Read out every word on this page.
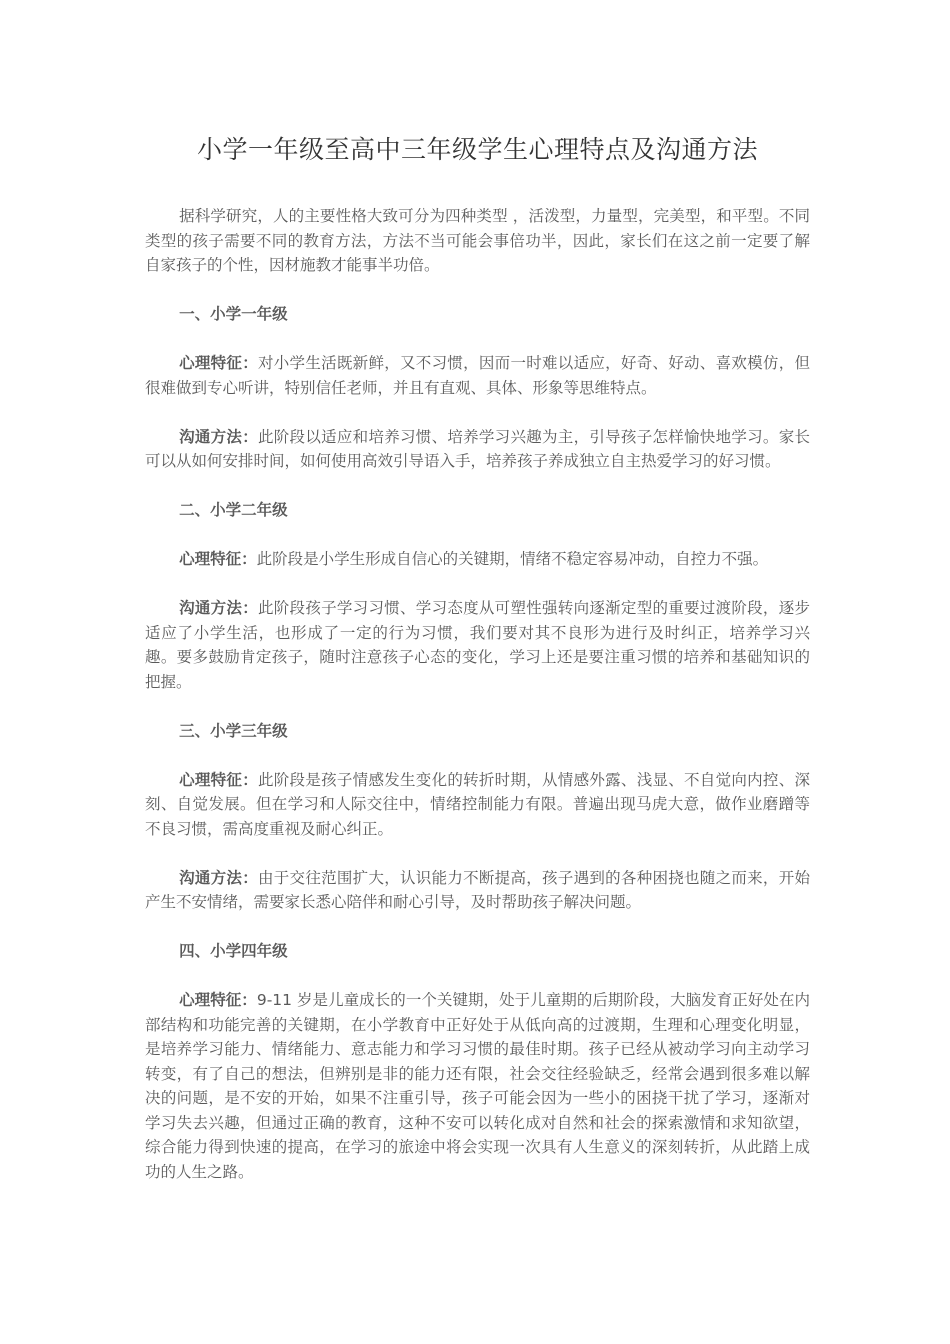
小学一年级至高中三年级学生心理特点及沟通方法

据科学研究，人的主要性格大致可分为四种类型 ，活泼型，力量型，完美型，和平型。不同类型的孩子需要不同的教育方法，方法不当可能会事倍功半，因此，家长们在这之前一定要了解自家孩子的个性，因材施教才能事半功倍。

一、小学一年级

心理特征：对小学生活既新鲜，又不习惯，因而一时难以适应，好奇、好动、喜欢模仿，但很难做到专心听讲，特别信任老师，并且有直观、具体、形象等思维特点。

沟通方法：此阶段以适应和培养习惯、培养学习兴趣为主，引导孩子怎样愉快地学习。家长可以从如何安排时间，如何使用高效引导语入手，培养孩子养成独立自主热爱学习的好习惯。

二、小学二年级

心理特征：此阶段是小学生形成自信心的关键期，情绪不稳定容易冲动，自控力不强。

沟通方法：此阶段孩子学习习惯、学习态度从可塑性强转向逐渐定型的重要过渡阶段，逐步适应了小学生活，也形成了一定的行为习惯，我们要对其不良形为进行及时纠正，培养学习兴趣。要多鼓励肯定孩子，随时注意孩子心态的变化，学习上还是要注重习惯的培养和基础知识的把握。

三、小学三年级

心理特征：此阶段是孩子情感发生变化的转折时期，从情感外露、浅显、不自觉向内控、深刻、自觉发展。但在学习和人际交往中，情绪控制能力有限。普遍出现马虎大意，做作业磨蹭等不良习惯，需高度重视及耐心纠正。

沟通方法：由于交往范围扩大，认识能力不断提高，孩子遇到的各种困挠也随之而来，开始产生不安情绪，需要家长悉心陪伴和耐心引导，及时帮助孩子解决问题。

四、小学四年级

心理特征：9-11 岁是儿童成长的一个关键期，处于儿童期的后期阶段，大脑发育正好处在内部结构和功能完善的关键期，在小学教育中正好处于从低向高的过渡期，生理和心理变化明显，是培养学习能力、情绪能力、意志能力和学习习惯的最佳时期。孩子已经从被动学习向主动学习转变，有了自己的想法，但辨别是非的能力还有限，社会交往经验缺乏，经常会遇到很多难以解决的问题，是不安的开始，如果不注重引导，孩子可能会因为一些小的困挠干扰了学习，逐渐对学习失去兴趣，但通过正确的教育，这种不安可以转化成对自然和社会的探索激情和求知欲望，综合能力得到快速的提高，在学习的旅途中将会实现一次具有人生意义的深刻转折，从此踏上成功的人生之路。
